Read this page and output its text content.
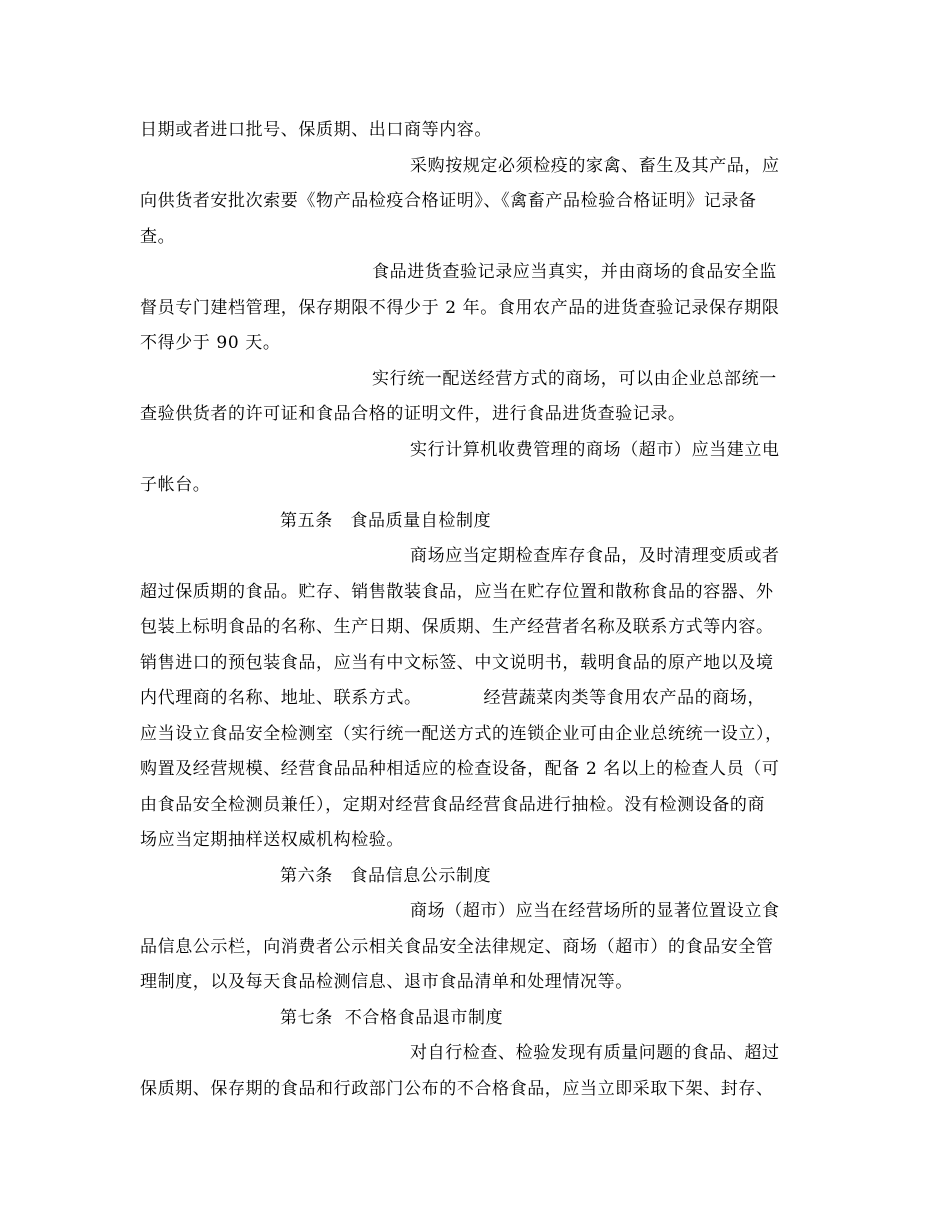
日期或者进口批号、保质期、出口商等内容。
采购按规定必须检疫的家禽、畜生及其产品，应
向供货者安批次索要《物产品检疫合格证明》、《禽畜产品检验合格证明》记录备
查。
食品进货查验记录应当真实，并由商场的食品安全监
督员专门建档管理，保存期限不得少于 2 年。食用农产品的进货查验记录保存期限
不得少于 90 天。
实行统一配送经营方式的商场，可以由企业总部统一
查验供货者的许可证和食品合格的证明文件，进行食品进货查验记录。
实行计算机收费管理的商场（超市）应当建立电
子帐台。
第五条　食品质量自检制度
商场应当定期检查库存食品，及时清理变质或者
超过保质期的食品。贮存、销售散装食品，应当在贮存位置和散称食品的容器、外
包装上标明食品的名称、生产日期、保质期、生产经营者名称及联系方式等内容。
销售进口的预包装食品，应当有中文标签、中文说明书，载明食品的原产地以及境
内代理商的名称、地址、联系方式。　　　　经营蔬菜肉类等食用农产品的商场，
应当设立食品安全检测室（实行统一配送方式的连锁企业可由企业总统统一设立），
购置及经营规模、经营食品品种相适应的检查设备，配备 2 名以上的检查人员（可
由食品安全检测员兼任），定期对经营食品经营食品进行抽检。没有检测设备的商
场应当定期抽样送权威机构检验。
第六条　食品信息公示制度
商场（超市）应当在经营场所的显著位置设立食
品信息公示栏，向消费者公示相关食品安全法律规定、商场（超市）的食品安全管
理制度，以及每天食品检测信息、退市食品清单和处理情况等。
第七条  不合格食品退市制度
对自行检查、检验发现有质量问题的食品、超过
保质期、保存期的食品和行政部门公布的不合格食品，应当立即采取下架、封存、
